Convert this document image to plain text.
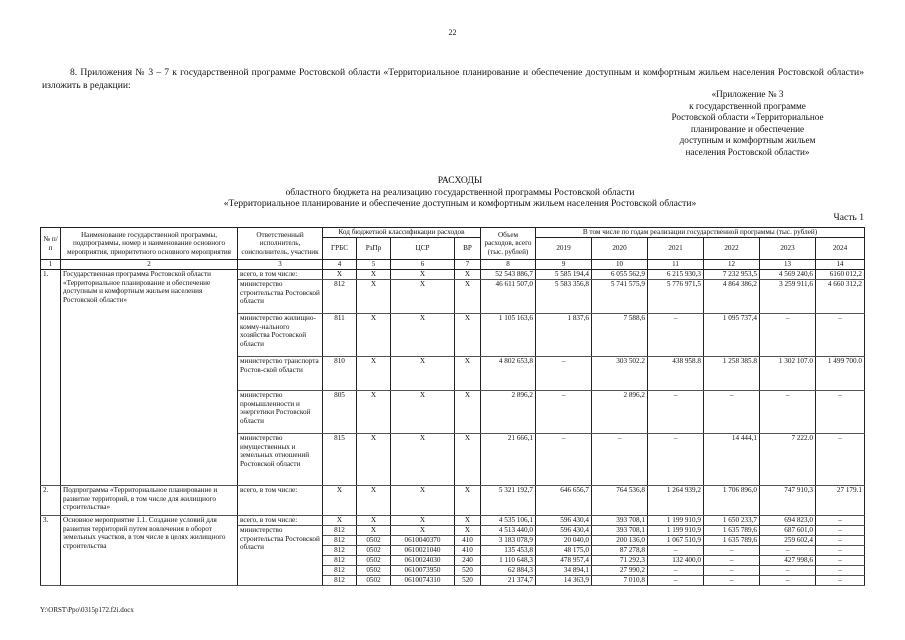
22
8. Приложения № 3 – 7 к государственной программе Ростовской области «Территориальное планирование и обеспечение доступным и комфортным жильем населения Ростовской области» изложить в редакции:
«Приложение № 3
к государственной программе
Ростовской области «Территориальное
планирование и обеспечение
доступным и комфортным жильем
населения Ростовской области»
РАСХОДЫ
областного бюджета на реализацию государственной программы Ростовской области
«Территориальное планирование и обеспечение доступным и комфортным жильем населения Ростовской области»
Часть 1
№ п/п	Наименование государственной программы, подпрограммы, номер и наименование основного мероприятия, приоритетного основного мероприятия	Ответственный исполнитель, соисполнитель, участник	Код бюджетной классификации расходов				Объем расходов, всего (тыс. рублей)	В том числе по годам реализации государственной программы (тыс. рублей)					
			ГРБС	РзПр	ЦСР	ВР		2019	2020	2021	2022	2023	2024
1	2	3	4	5	6	7	8	9	10	11	12	13	14
1.	Государственная программа Ростовской области «Территориальное планирование и обеспечение доступным и комфортным жильем населения Ростовской области»	всего, в том числе:	X	X	X	X	52 543 886,7	5 585 194,4	6 055 562,9	6 215 930,3	7 232 953,5	4 569 240,6	6160 012,2
		министерство строительства Ростовской области	812	X	X	X	46 611 507,0	5 583 356,8	5 741 575,9	5 776 971,5	4 864 386,2	3 259 911,6	4 660 312,2
		министерство жилищно-комму-нального хозяйства Ростовской области	811	X	X	X	1 105 163,6	1 837,6	7 588,6	–	1 095 737,4	–	–
		министерство транспорта Ростов-ской области	810	X	X	X	4 802 653,8	–	303 502.2	438 958.8	1 258 385.8	1 302 107.0	1 499 700.0
		министерство промышленности и энергетики Ростовской области	805	X	X	X	2 896,2	–	2 896,2	–	–	–	–
		министерство имущественных и земельных отношений Ростовской области	815	X	X	X	21 666,1	–	–	–	14 444,1	7 222.0	–
2.	Подпрограмма «Территориальное планирование и развитие территорий, в том числе для жилищного строительства»	всего, в том числе:	X	X	X	X	5 321 192,7	646 656,7	764 536,8	1 264 939,2	1 706 896,0	747 910,3	27 179.1
3.	Основное мероприятие 1.1. Создание условий для развития территорий путем вовлечения в оборот земельных участков, в том числе в целях жилищного строительства	всего, в том числе:	X	X	X	X	4 535 106,1	596 430,4	393 708,1	1 199 910,9	1 650 233,7	694 823,0	–
		министерство строительства Ростовской области	812	X	X	X	4 513 440,0	596 430,4	393 708,1	1 199 910,9	1 635 789,6	687 601,0	–
			812	0502	0610040370	410	3 183 078,9	20 040,0	200 136,0	1 067 510,9	1 635 789,6	259 602,4	–
			812	0502	0610021040	410	135 453,8	48 175,0	87 278,8	–	–	–	–
			812	0502	0610024030	240	1 110 648,3	478 957,4	71 292,3	132 400,0	–	427 998,6	–
			812	0502	0610073950	520	62 884,3	34 894,1	27 990,2	–	–	–	–
			812	0502	0610074310	520	21 374,7	14 363,9	7 010,8	–	–	–	–
Y:\ORST\Ppo\0315p172.f2i.docx
